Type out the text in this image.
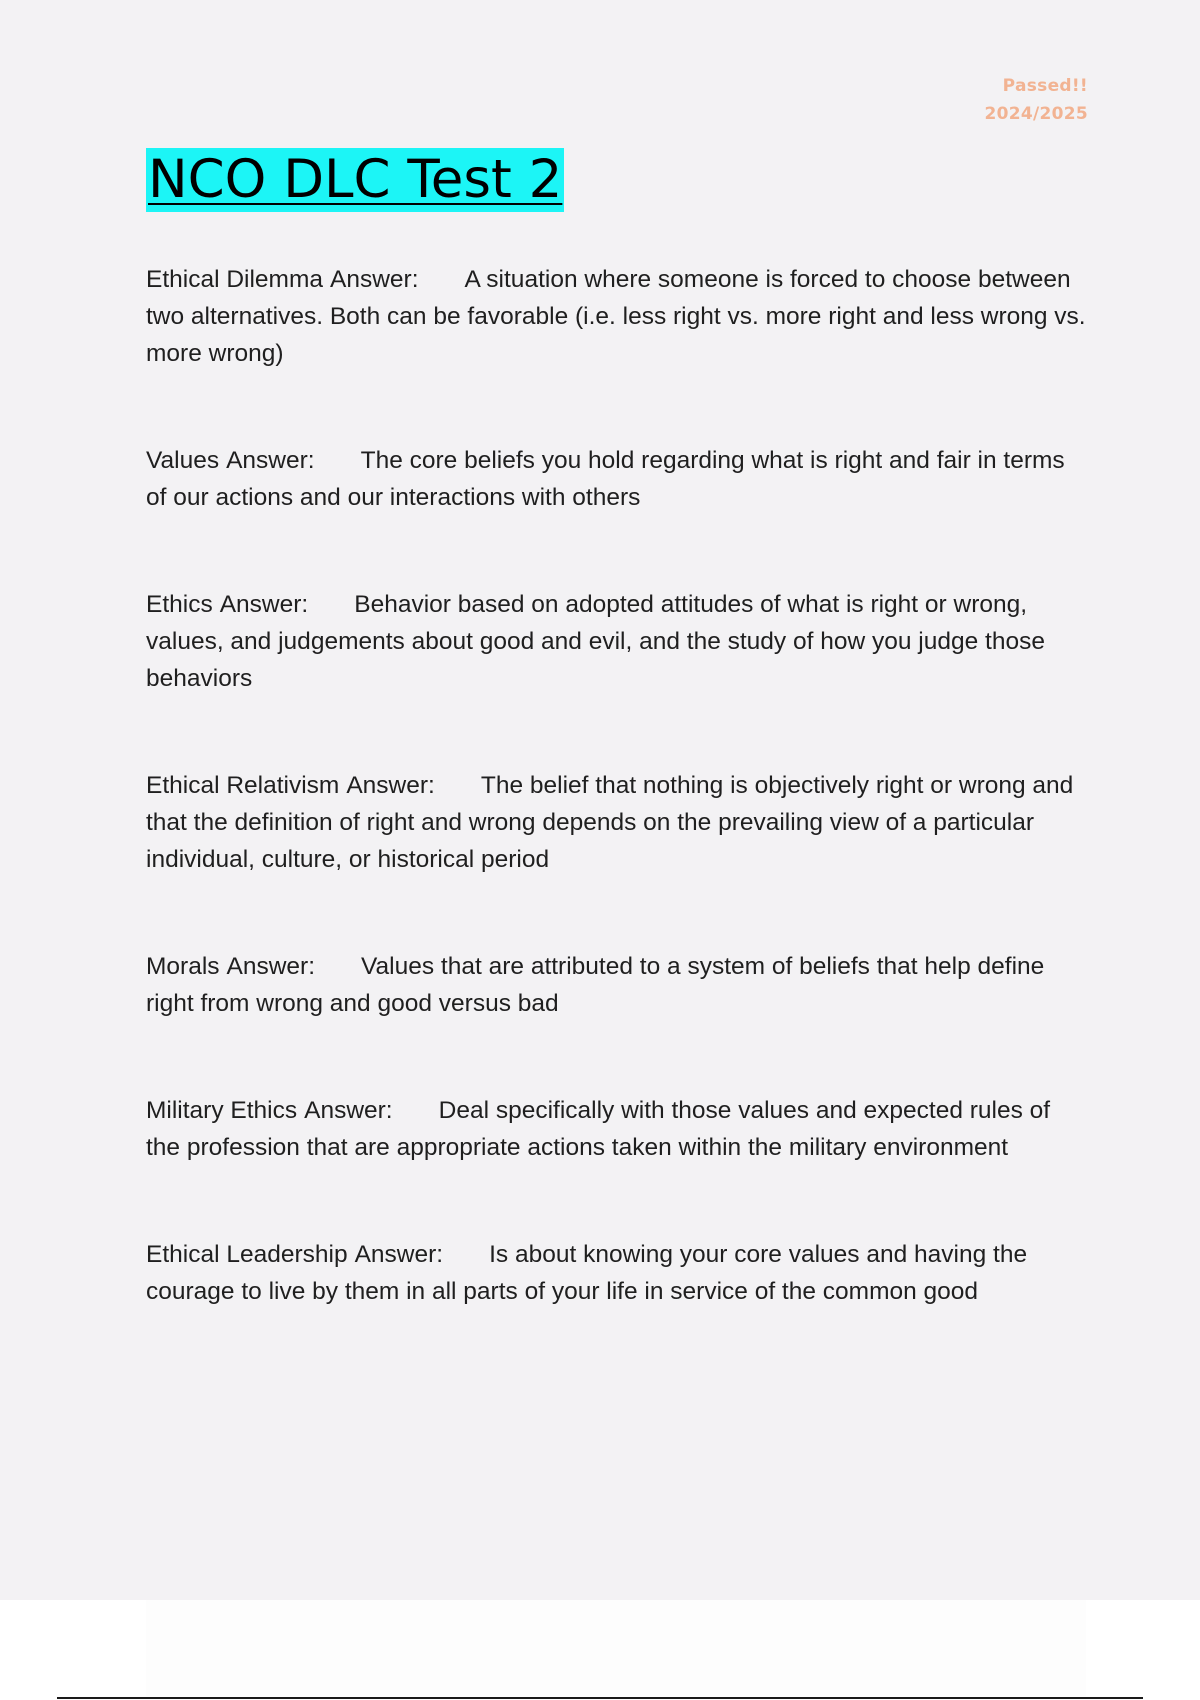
Passed!!
2024/2025
NCO DLC Test 2

Ethical Dilemma Answer: A situation where someone is forced to choose between two alternatives. Both can be favorable (i.e. less right vs. more right and less wrong vs. more wrong)

Values Answer: The core beliefs you hold regarding what is right and fair in terms of our actions and our interactions with others

Ethics Answer: Behavior based on adopted attitudes of what is right or wrong, values, and judgements about good and evil, and the study of how you judge those behaviors

Ethical Relativism Answer: The belief that nothing is objectively right or wrong and that the definition of right and wrong depends on the prevailing view of a particular individual, culture, or historical period

Morals Answer: Values that are attributed to a system of beliefs that help define right from wrong and good versus bad

Military Ethics Answer: Deal specifically with those values and expected rules of the profession that are appropriate actions taken within the military environment

Ethical Leadership Answer: Is about knowing your core values and having the courage to live by them in all parts of your life in service of the common good
